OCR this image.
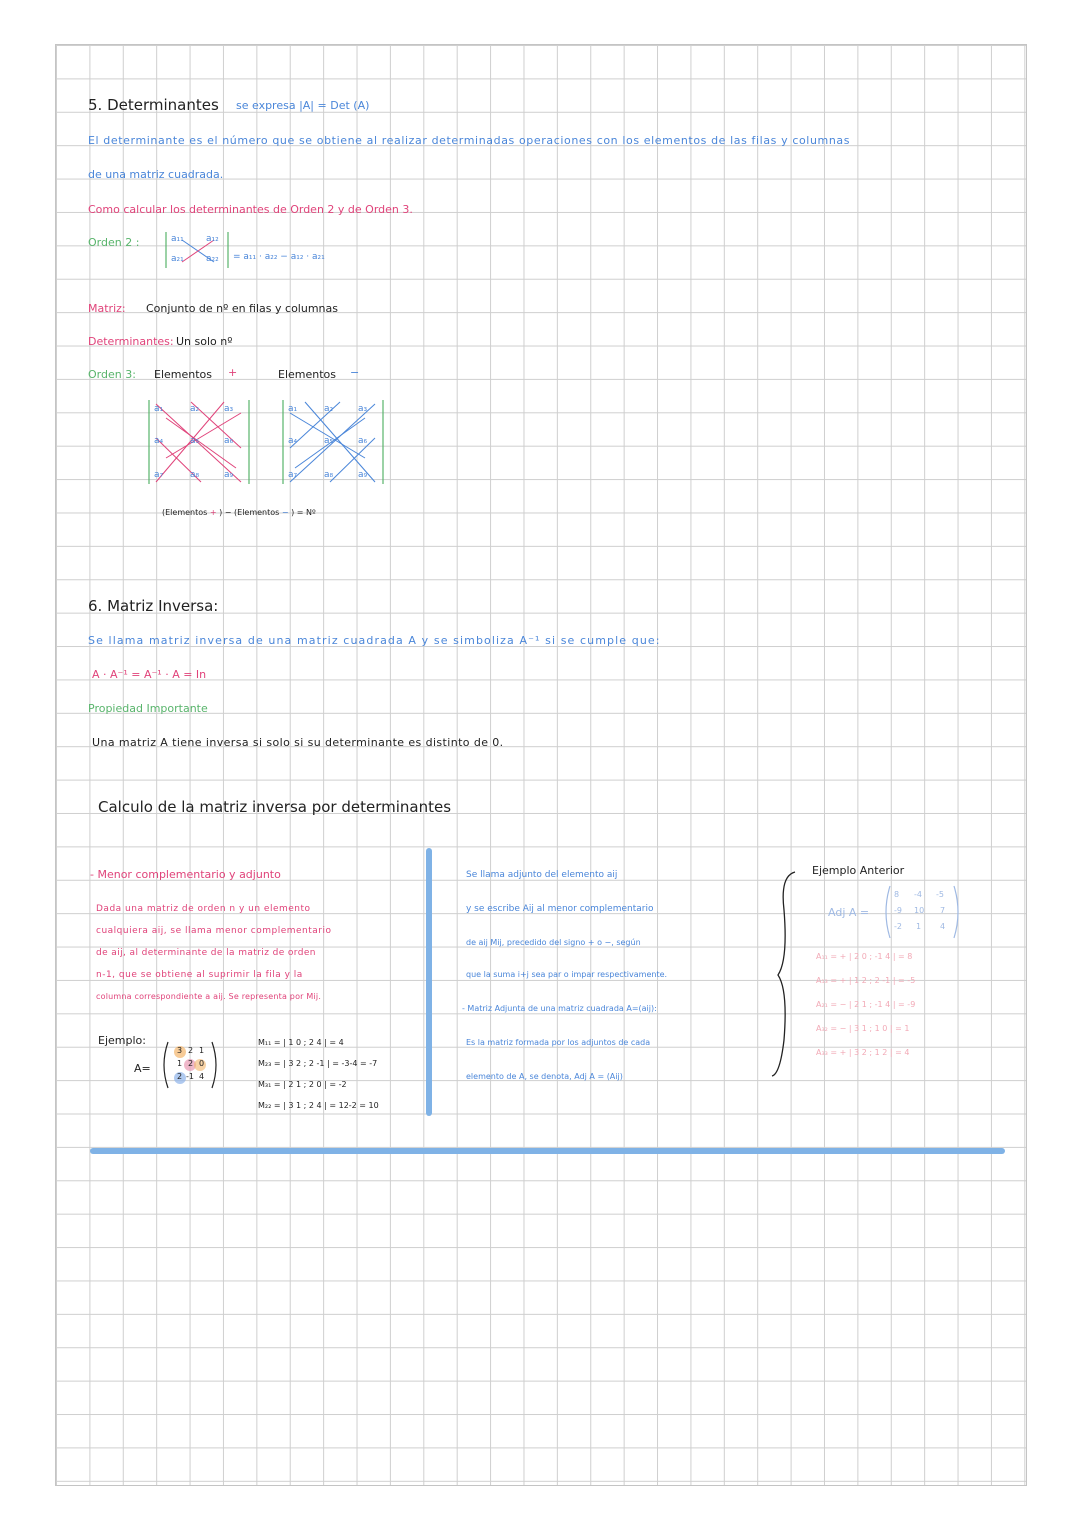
5. Determinantes se expresa |A| = Det (A)
El determinante es el número que se obtiene al realizar determinadas operaciones con los elementos de las filas y columnas
de una matriz cuadrada.
Como calcular los determinantes de Orden 2 y de Orden 3.
Orden 2 :	a₁₁ a₁₂
a₂₁ a₂₂ = a₁₁ · a₂₂ − a₁₂ · a₂₁
Matriz: Conjunto de nº en filas y columnas
Determinantes: Un solo nº
Orden 3: Elementos +	Elementos −
a₁	a₂	a₃
a₄	a₅	a₆
a₇	a₈	a₉
a₁	a₂	a₃
a₄	a₅	a₆
a₇	a₈	a₉
(Elementos + ) − (Elementos − ) = Nº
6. Matriz Inversa:
Se llama matriz inversa de una matriz cuadrada A y se simboliza A⁻¹ si se cumple que:
A · A⁻¹ = A⁻¹ · A = In
Propiedad Importante
Una matriz A tiene inversa si solo si su determinante es distinto de 0.
Calculo de la matriz inversa por determinantes
- Menor complementario y adjunto
Dada una matriz de orden n y un elemento
cualquiera aij, se llama menor complementario
de aij, al determinante de la matriz de orden
n-1, que se obtiene al suprimir la fila y la
columna correspondiente a aij. Se representa por Mij.
Ejemplo:
A=
3 2 1
1 2 0
2 -1 4
M₁₁ = | 1 0 ; 2 4 | = 4
M₂₃ = | 3 2 ; 2 -1 | = -3-4 = -7
M₃₁ = | 2 1 ; 2 0 | = -2
M₂₂ = | 3 1 ; 2 4 | = 12-2 = 10
Se llama adjunto del elemento aij
y se escribe Aij al menor complementario
de aij Mij, precedido del signo + o −, según
que la suma i+j sea par o impar respectivamente.
- Matriz Adjunta de una matriz cuadrada A=(aij):
Es la matriz formada por los adjuntos de cada
elemento de A, se denota, Adj A = (Aij)
Ejemplo Anterior
Adj A =
8 -4 -5
-9 10 7
-2 1 4
A₁₁ = + | 2 0 ; -1 4 | = 8
A₁₃ = + | 1 2 ; 2 -1 | = -5
A₂₁ = − | 2 1 ; -1 4 | = -9
A₃₂ = − | 3 1 ; 1 0 | = 1
A₃₃ = + | 3 2 ; 1 2 | = 4
